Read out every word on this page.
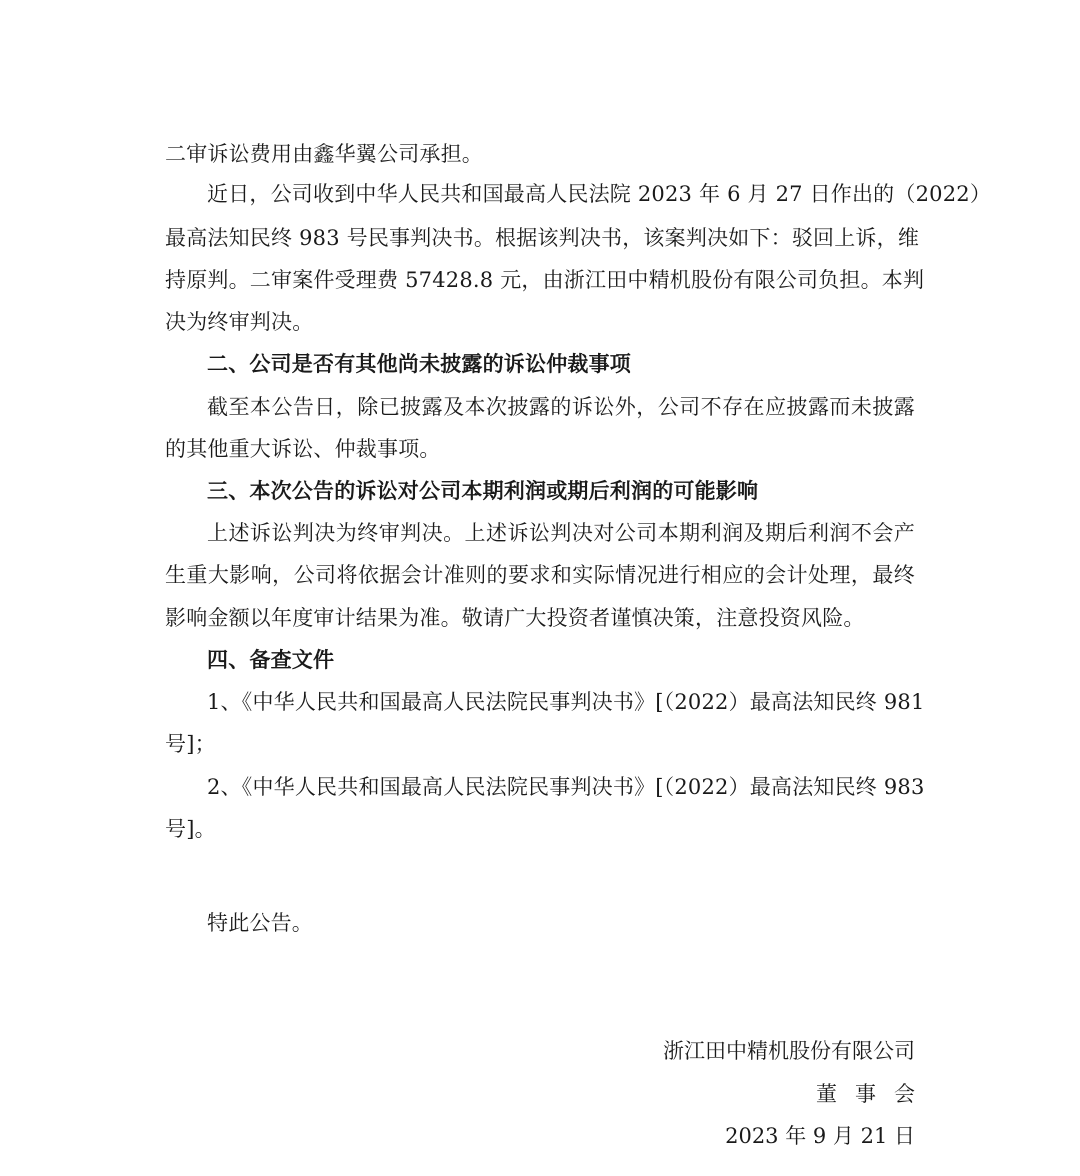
二审诉讼费用由鑫华翼公司承担。
近日，公司收到中华人民共和国最高人民法院 2023 年 6 月 27 日作出的（2022）
最高法知民终 983 号民事判决书。根据该判决书，该案判决如下：驳回上诉，维
持原判。二审案件受理费 57428.8 元，由浙江田中精机股份有限公司负担。本判
决为终审判决。
二、公司是否有其他尚未披露的诉讼仲裁事项
截至本公告日，除已披露及本次披露的诉讼外，公司不存在应披露而未披露
的其他重大诉讼、仲裁事项。
三、本次公告的诉讼对公司本期利润或期后利润的可能影响
上述诉讼判决为终审判决。上述诉讼判决对公司本期利润及期后利润不会产
生重大影响，公司将依据会计准则的要求和实际情况进行相应的会计处理，最终
影响金额以年度审计结果为准。敬请广大投资者谨慎决策，注意投资风险。
四、备查文件
1、《中华人民共和国最高人民法院民事判决书》[（2022）最高法知民终 981
号]；
2、《中华人民共和国最高人民法院民事判决书》[（2022）最高法知民终 983
号]。
特此公告。
浙江田中精机股份有限公司
董事会
2023 年 9 月 21 日
